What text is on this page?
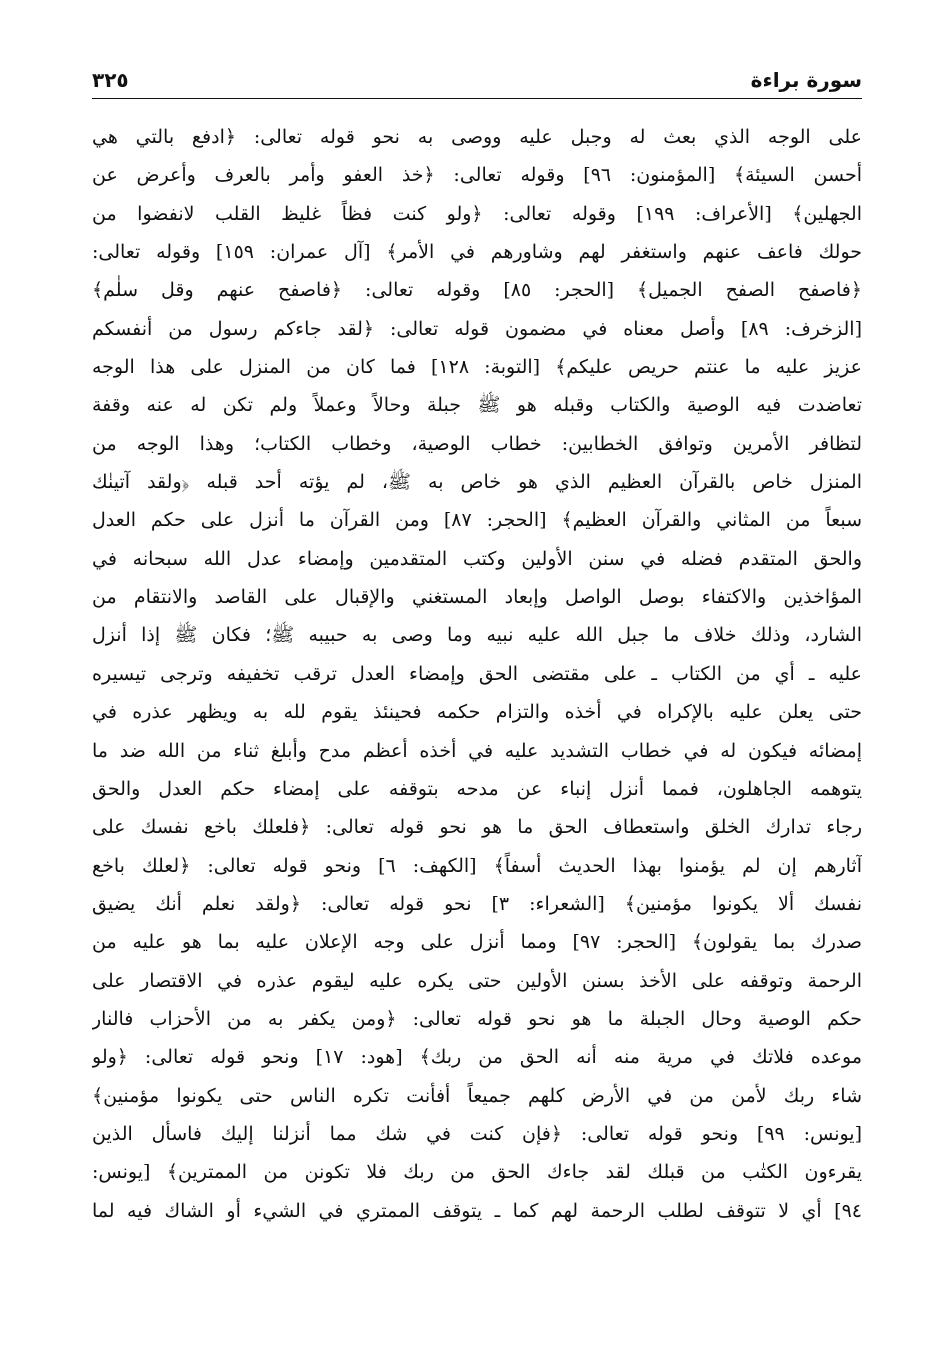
سورة براءة
٣٢٥
على الوجه الذي بعث له وجبل عليه ووصى به نحو قوله تعالى: ﴿ادفع بالتي هي
أحسن السيئة﴾ [المؤمنون: ٩٦] وقوله تعالى: ﴿خذ العفو وأمر بالعرف وأعرض عن
الجهلين﴾ [الأعراف: ١٩٩] وقوله تعالى: ﴿ولو كنت فظاً غليظ القلب لانفضوا من
حولك فاعف عنهم واستغفر لهم وشاورهم في الأمر﴾ [آل عمران: ١٥٩] وقوله تعالى:
﴿فاصفح الصفح الجميل﴾ [الحجر: ٨٥] وقوله تعالى: ﴿فاصفح عنهم وقل سلٰم﴾
[الزخرف: ٨٩] وأصل معناه في مضمون قوله تعالى: ﴿لقد جاءكم رسول من أنفسكم
عزيز عليه ما عنتم حريص عليكم﴾ [التوبة: ١٢٨] فما كان من المنزل على هذا الوجه
تعاضدت فيه الوصية والكتاب وقبله هو ﷺ جبلة وحالاً وعملاً ولم تكن له عنه وقفة
لتظافر الأمرين وتوافق الخطابين: خطاب الوصية، وخطاب الكتاب؛ وهذا الوجه من
المنزل خاص بالقرآن العظيم الذي هو خاص به ﷺ، لم يؤته أحد قبله ﴿ولقد آتينٰك
سبعاً من المثاني والقرآن العظيم﴾ [الحجر: ٨٧] ومن القرآن ما أنزل على حكم العدل
والحق المتقدم فضله في سنن الأولين وكتب المتقدمين وإمضاء عدل الله سبحانه في
المؤاخذين والاكتفاء بوصل الواصل وإبعاد المستغني والإقبال على القاصد والانتقام من
الشارد، وذلك خلاف ما جبل الله عليه نبيه وما وصى به حبيبه ﷺ؛ فكان ﷺ إذا أنزل
عليه ـ أي من الكتاب ـ على مقتضى الحق وإمضاء العدل ترقب تخفيفه وترجى تيسيره
حتى يعلن عليه بالإكراه في أخذه والتزام حكمه فحينئذ يقوم لله به ويظهر عذره في
إمضائه فيكون له في خطاب التشديد عليه في أخذه أعظم مدح وأبلغ ثناء من الله ضد ما
يتوهمه الجاهلون، فمما أنزل إنباء عن مدحه بتوقفه على إمضاء حكم العدل والحق
رجاء تدارك الخلق واستعطاف الحق ما هو نحو قوله تعالى: ﴿فلعلك باخع نفسك على
آثارهم إن لم يؤمنوا بهذا الحديث أسفاً﴾ [الكهف: ٦] ونحو قوله تعالى: ﴿لعلك باخع
نفسك ألا يكونوا مؤمنين﴾ [الشعراء: ٣] نحو قوله تعالى: ﴿ولقد نعلم أنك يضيق
صدرك بما يقولون﴾ [الحجر: ٩٧] ومما أنزل على وجه الإعلان عليه بما هو عليه من
الرحمة وتوقفه على الأخذ بسنن الأولين حتى يكره عليه ليقوم عذره في الاقتصار على
حكم الوصية وحال الجبلة ما هو نحو قوله تعالى: ﴿ومن يكفر به من الأحزاب فالنار
موعده فلاتك في مرية منه أنه الحق من ربك﴾ [هود: ١٧] ونحو قوله تعالى: ﴿ولو
شاء ربك لأمن من في الأرض كلهم جميعاً أفأنت تكره الناس حتى يكونوا مؤمنين﴾
[يونس: ٩٩] ونحو قوله تعالى: ﴿فإن كنت في شك مما أنزلنا إليك فاسأل الذين
يقرءون الكتٰب من قبلك لقد جاءك الحق من ربك فلا تكونن من الممترين﴾ [يونس:
٩٤] أي لا تتوقف لطلب الرحمة لهم كما ـ يتوقف الممتري في الشيء أو الشاك فيه لما
